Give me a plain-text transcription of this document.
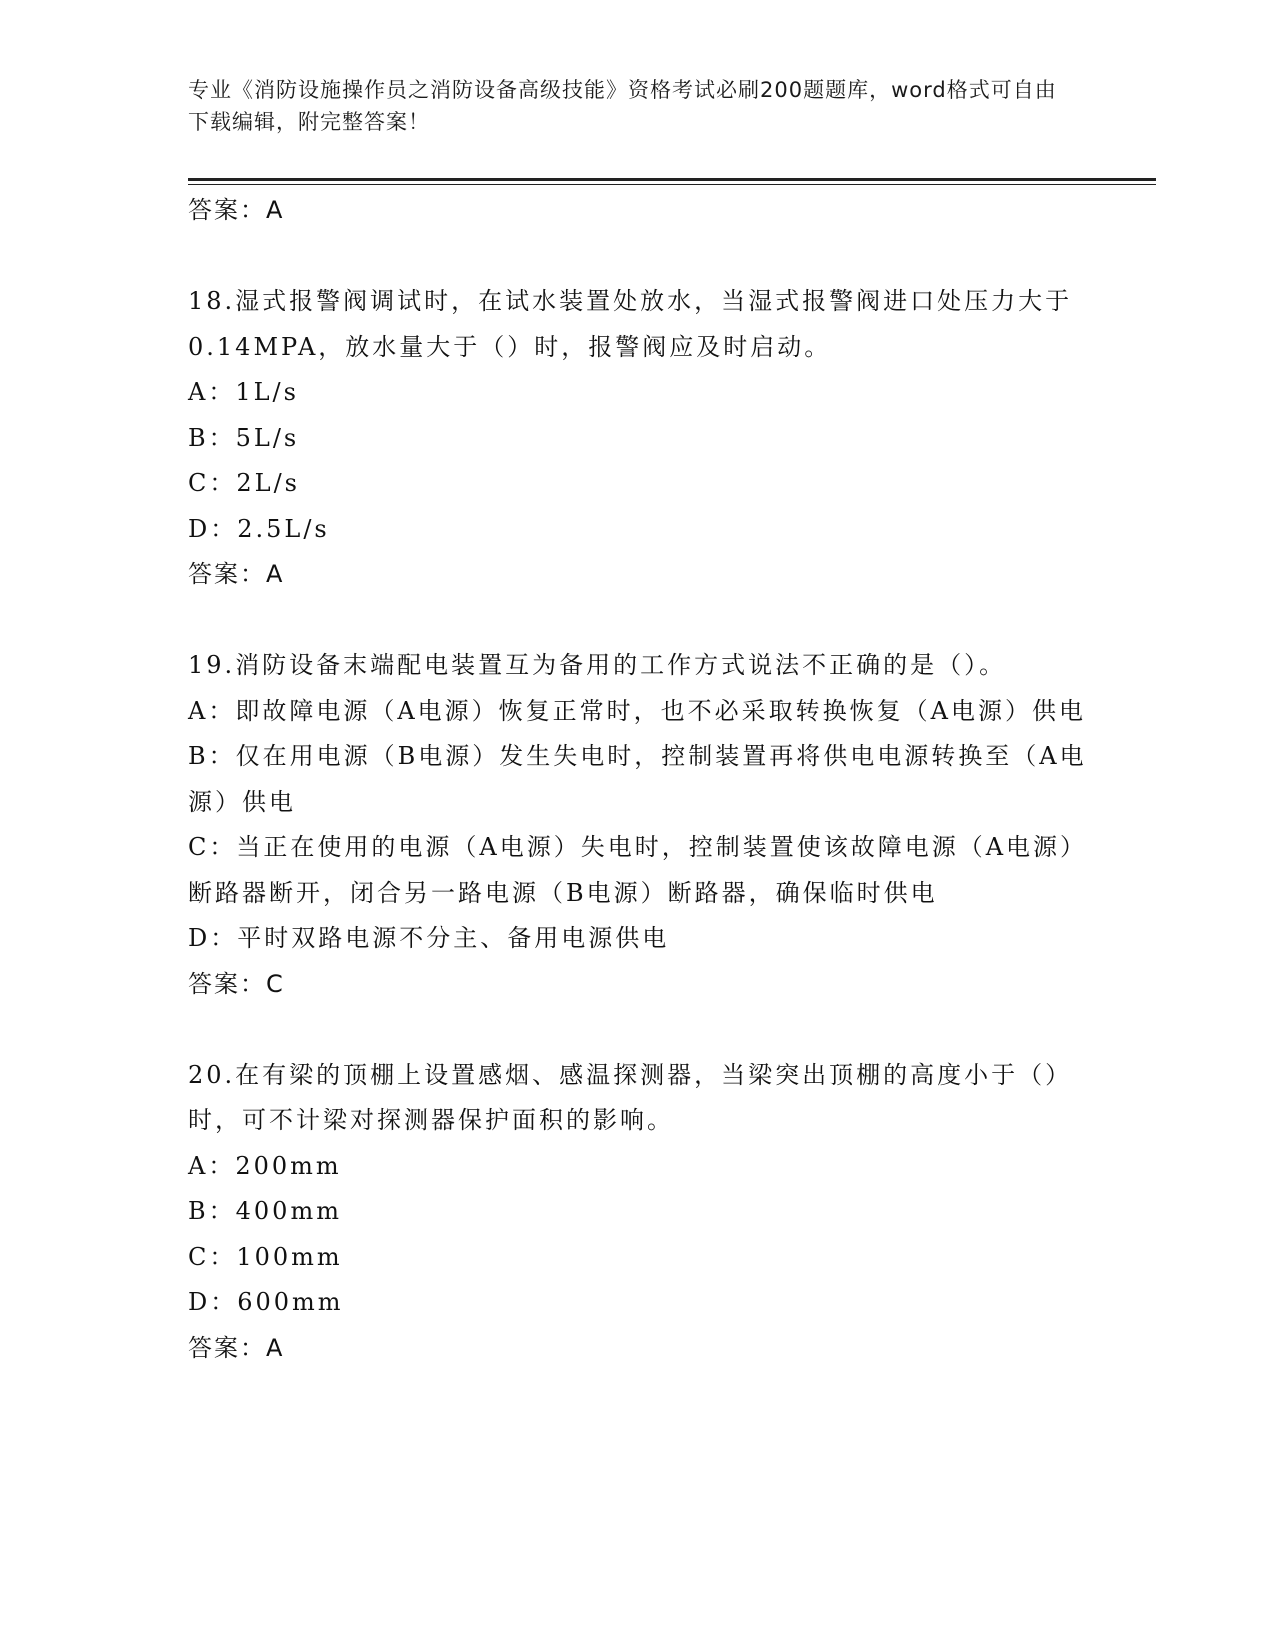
专业《消防设施操作员之消防设备高级技能》资格考试必刷200题题库，word格式可自由下载编辑，附完整答案！
答案：A
18.湿式报警阀调试时，在试水装置处放水，当湿式报警阀进口处压力大于0.14MPA，放水量大于（）时，报警阀应及时启动。
A：1L/s
B：5L/s
C：2L/s
D：2.5L/s
答案：A
19.消防设备末端配电装置互为备用的工作方式说法不正确的是（）。
A：即故障电源（A电源）恢复正常时，也不必采取转换恢复（A电源）供电
B：仅在用电源（B电源）发生失电时，控制装置再将供电电源转换至（A电源）供电
C：当正在使用的电源（A电源）失电时，控制装置使该故障电源（A电源）断路器断开，闭合另一路电源（B电源）断路器，确保临时供电
D：平时双路电源不分主、备用电源供电
答案：C
20.在有梁的顶棚上设置感烟、感温探测器，当梁突出顶棚的高度小于（）时，可不计梁对探测器保护面积的影响。
A：200mm
B：400mm
C：100mm
D：600mm
答案：A
